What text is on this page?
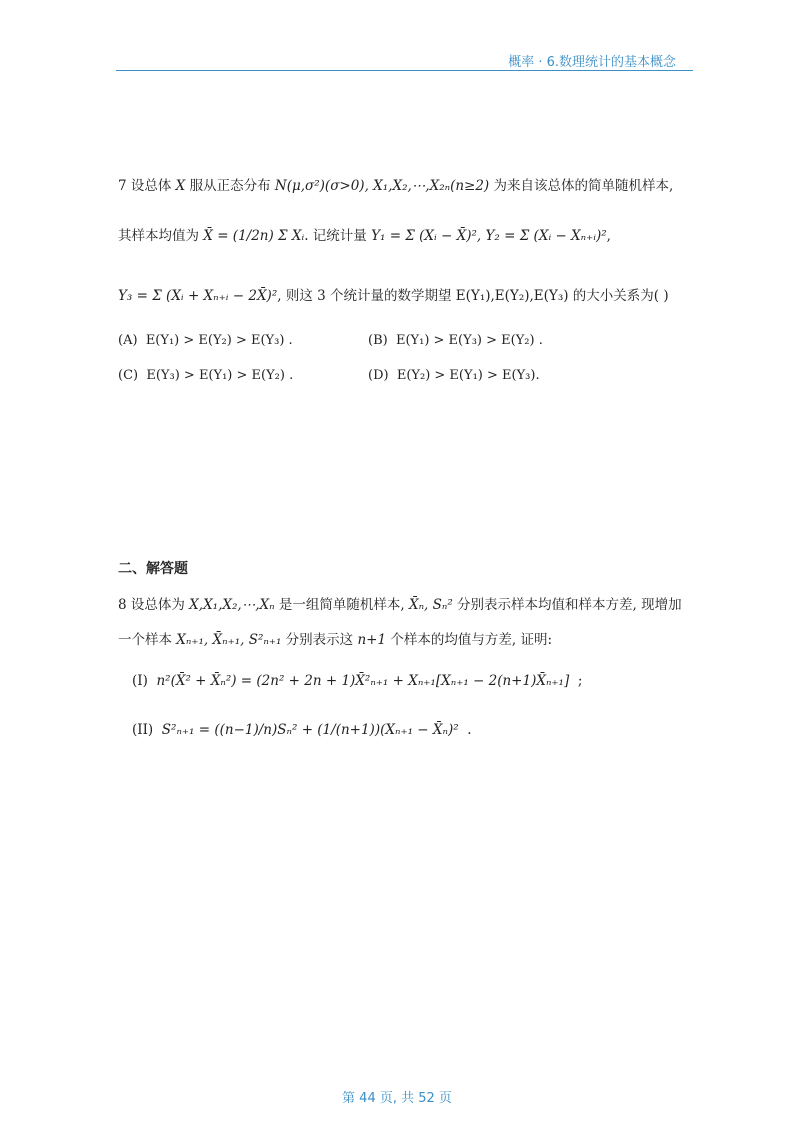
概率 · 6.数理统计的基本概念
7 设总体 X 服从正态分布 N(μ,σ²)(σ>0), X₁,X₂,⋯,X₂ₙ(n≥2) 为来自该总体的简单随机样本,
其样本均值为 X̄ = (1/2n) Σ Xᵢ. 记统计量 Y₁ = Σ (Xᵢ − X̄)², Y₂ = Σ (Xᵢ − Xₙ₊ᵢ)²,
Y₃ = Σ (Xᵢ + Xₙ₊ᵢ − 2X̄)², 则这 3 个统计量的数学期望 E(Y₁),E(Y₂),E(Y₃) 的大小关系为( )
(A) E(Y₁) > E(Y₂) > E(Y₃) .	(B) E(Y₁) > E(Y₃) > E(Y₂) .
(C) E(Y₃) > E(Y₁) > E(Y₂) .	(D) E(Y₂) > E(Y₁) > E(Y₃).
二、解答题
8 设总体为 X,X₁,X₂,⋯,Xₙ 是一组简单随机样本, X̄ₙ, Sₙ² 分别表示样本均值和样本方差, 现增加
一个样本 Xₙ₊₁, X̄ₙ₊₁, S²ₙ₊₁ 分别表示这 n+1 个样本的均值与方差, 证明:
(I) n²(X̄² + X̄ₙ²) = (2n² + 2n + 1)X̄²ₙ₊₁ + Xₙ₊₁[Xₙ₊₁ − 2(n+1)X̄ₙ₊₁] ;
(II) S²ₙ₊₁ = ((n−1)/n)Sₙ² + (1/(n+1))(Xₙ₊₁ − X̄ₙ)² .
第 44 页, 共 52 页
